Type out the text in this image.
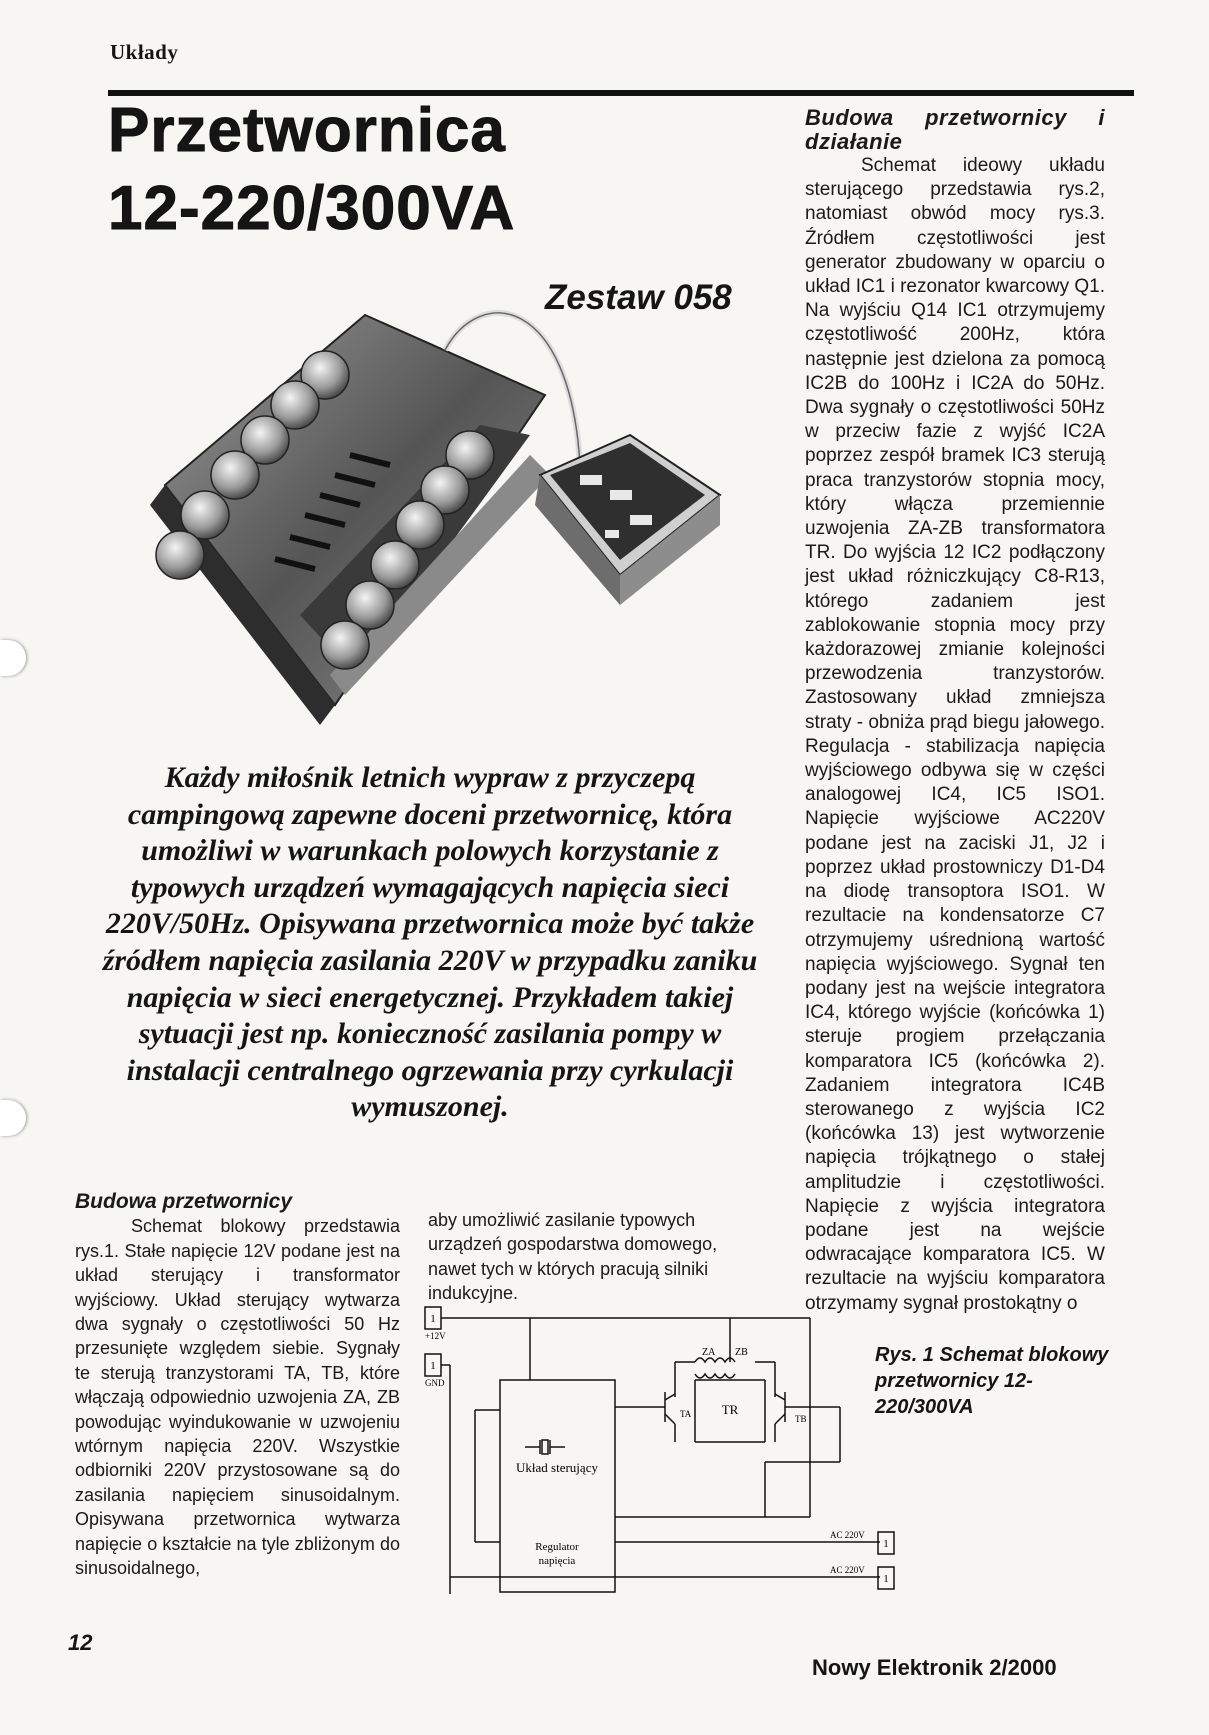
Układy
Przetwornica
12-220/300VA
Zestaw 058
Każdy miłośnik letnich wypraw z przyczepą campingową zapewne doceni przetwornicę, która umożliwi w warunkach polowych korzystanie z typowych urządzeń wymagających napięcia sieci 220V/50Hz. Opisywana przetwornica może być także źródłem napięcia zasilania 220V w przypadku zaniku napięcia w sieci energetycznej. Przykładem takiej sytuacji jest np. konieczność zasilania pompy w instalacji centralnego ogrzewania przy cyrkulacji wymuszonej.
Budowa przetwornicy

Schemat blokowy przedstawia rys.1. Stałe napięcie 12V podane jest na układ sterujący i transformator wyjściowy. Układ sterujący wytwarza dwa sygnały o częstotliwości 50 Hz przesunięte względem siebie. Sygnały te sterują tranzystorami TA, TB, które włączają odpowiednio uzwojenia ZA, ZB powodując wyindukowanie w uzwojeniu wtórnym napięcia 220V. Wszystkie odbiorniki 220V przystosowane są do zasilania napięciem sinusoidalnym. Opisywana przetwornica wytwarza napięcie o kształcie na tyle zbliżonym do sinusoidalnego,

aby umożliwić zasilanie typowych urządzeń gospodarstwa domowego, nawet tych w których pracują silniki indukcyjne.
Budowa przetwornicy i działanie

Schemat ideowy układu sterującego przedstawia rys.2, natomiast obwód mocy rys.3. Źródłem częstotliwości jest generator zbudowany w oparciu o układ IC1 i rezonator kwarcowy Q1. Na wyjściu Q14 IC1 otrzymujemy częstotliwość 200Hz, która następnie jest dzielona za pomocą IC2B do 100Hz i IC2A do 50Hz. Dwa sygnały o częstotliwości 50Hz w przeciw fazie z wyjść IC2A poprzez zespół bramek IC3 sterują praca tranzystorów stopnia mocy, który włącza przemiennie uzwojenia ZA-ZB transformatora TR. Do wyjścia 12 IC2 podłączony jest układ różniczkujący C8-R13, którego zadaniem jest zablokowanie stopnia mocy przy każdorazowej zmianie kolejności przewodzenia tranzystorów. Zastosowany układ zmniejsza straty - obniża prąd biegu jałowego. Regulacja - stabilizacja napięcia wyjściowego odbywa się w części analogowej IC4, IC5 ISO1. Napięcie wyjściowe AC220V podane jest na zaciski J1, J2 i poprzez układ prostowniczy D1-D4 na diodę transoptora ISO1. W rezultacie na kondensatorze C7 otrzymujemy uśrednioną wartość napięcia wyjściowego. Sygnał ten podany jest na wejście integratora IC4, którego wyjście (końcówka 1) steruje progiem przełączania komparatora IC5 (końcówka 2). Zadaniem integratora IC4B sterowanego z wyjścia IC2 (końcówka 13) jest wytworzenie napięcia trójkątnego o stałej amplitudzie i częstotliwości. Napięcie z wyjścia integratora podane jest na wejście odwracające komparatora IC5. W rezultacie na wyjściu komparatora otrzymamy sygnał prostokątny o

1
1
+12V
GND
Układ sterujący
Regulator
napięcia
ZA ZB
TR
TA	TB
AC 220V
AC 220V
1
1
Rys. 1 Schemat blokowy przetwornicy 12-220/300VA
12
Nowy Elektronik 2/2000
